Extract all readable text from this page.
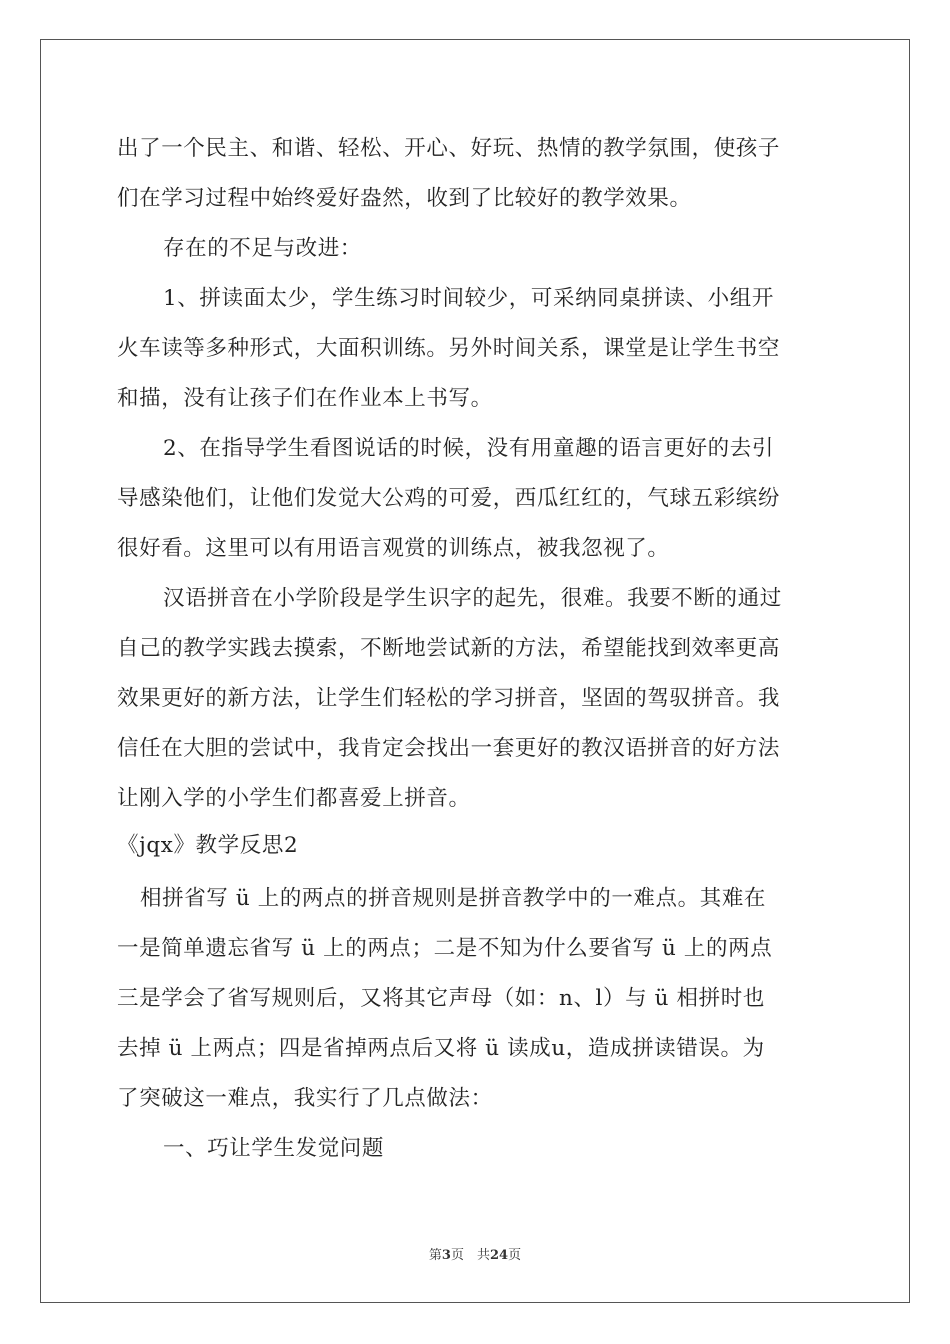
出了一个民主、和谐、轻松、开心、好玩、热情的教学氛围，使孩子
们在学习过程中始终爱好盎然，收到了比较好的教学效果。
存在的不足与改进：
1、拼读面太少，学生练习时间较少，可采纳同桌拼读、小组开
火车读等多种形式，大面积训练。另外时间关系，课堂是让学生书空
和描，没有让孩子们在作业本上书写。
2、在指导学生看图说话的时候，没有用童趣的语言更好的去引
导感染他们，让他们发觉大公鸡的可爱，西瓜红红的，气球五彩缤纷
很好看。这里可以有用语言观赏的训练点，被我忽视了。
汉语拼音在小学阶段是学生识字的起先，很难。我要不断的通过
自己的教学实践去摸索，不断地尝试新的方法，希望能找到效率更高
效果更好的新方法，让学生们轻松的学习拼音，坚固的驾驭拼音。我
信任在大胆的尝试中，我肯定会找出一套更好的教汉语拼音的好方法
让刚入学的小学生们都喜爱上拼音。
《jqx》教学反思2
相拼省写 ü 上的两点的拼音规则是拼音教学中的一难点。其难在
一是简单遗忘省写 ü 上的两点；二是不知为什么要省写 ü 上的两点
三是学会了省写规则后，又将其它声母（如：n、l）与 ü 相拼时也
去掉 ü 上两点；四是省掉两点后又将 ü 读成u，造成拼读错误。为
了突破这一难点，我实行了几点做法：
一、巧让学生发觉问题
第3页　共24页
